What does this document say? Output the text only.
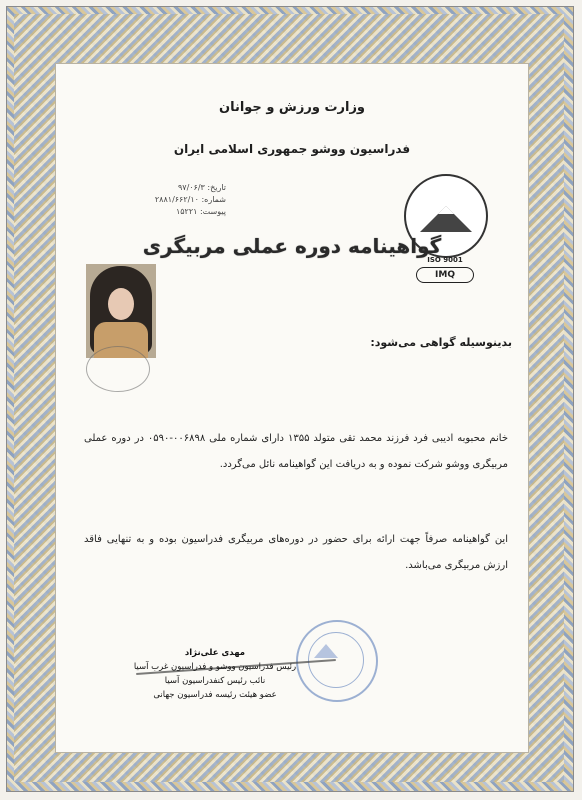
وزارت ورزش و جوانان
فدراسیون ووشو جمهوری اسلامی ایران
تاریخ: ۹۷/۰۶/۳
شماره: ۲۸۸۱/۶۶۲/۱۰
پیوست: ۱۵۲۲۱
ISO 9001
IMQ
گواهینامه دوره عملی مربیگری
بدینوسیله گواهی می‌شود:
خانم محبوبه ادیبی فرد فرزند محمد تقی متولد ۱۳۵۵ دارای شماره ملی ۰۰۶۸۹۸-۰۵۹۰ در دوره عملی مربیگری ووشو شرکت نموده و به دریافت این گواهینامه نائل می‌گردد.
این گواهینامه صرفاً جهت ارائه برای حضور در دوره‌های مربیگری فدراسیون بوده و به تنهایی فاقد ارزش مربیگری می‌باشد.
مهدی علی‌نژاد
رئیس فدراسیون ووشو و فدراسیون غرب آسیا
نائب رئیس کنفدراسیون آسیا
عضو هیئت رئیسه فدراسیون جهانی
